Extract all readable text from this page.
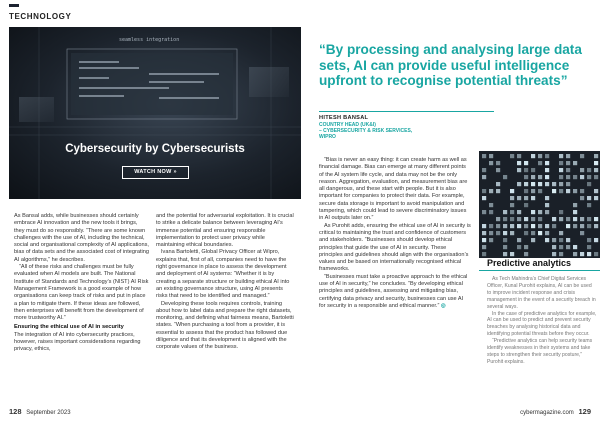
TECHNOLOGY
seamless integration
Cybersecurity by Cybersecurists
WATCH NOW »

As Bansal adds, while businesses should certainly embrace AI innovation and the new tools it brings, they must do so responsibly. “There are some known challenges with the use of AI, including the technical, social and organisational complexity of AI applications, bias of data sets and the associated cost of integrating AI algorithms,” he describes.

“All of these risks and challenges must be fully evaluated when AI models are built. The National Institute of Standards and Technology’s (NIST) AI Risk Management Framework is a good example of how organisations can keep track of risks and put in place a plan to mitigate them. If these ideas are followed, then enterprises will benefit from the development of more trustworthy AI.”

Ensuring the ethical use of AI in security

The integration of AI into cybersecurity practices, however, raises important considerations regarding privacy, ethics,

and the potential for adversarial exploitation. It is crucial to strike a delicate balance between leveraging AI’s immense potential and ensuring responsible implementation to protect user privacy while maintaining ethical boundaries.

Ivana Bartoletti, Global Privacy Officer at Wipro, explains that, first of all, companies need to have the right governance in place to assess the development and deployment of AI systems: “Whether it is by creating a separate structure or building ethical AI into an existing governance structure, using AI presents risks that need to be identified and managed.”

Developing these tools requires controls, training about how to label data and prepare the right datasets, monitoring, and defining what fairness means, Bartoletti states. “When purchasing a tool from a provider, it is essential to assess that the product has followed due diligence and that its development is aligned with the corporate values of the business.

“By processing and analysing large data sets, AI can provide useful intelligence upfront to recognise potential threats”
HITESH BANSAL
COUNTRY HEAD (UK&I)
– CYBERSECURITY & RISK SERVICES,
WIPRO

“Bias is never an easy thing: it can create harm as well as financial damage. Bias can emerge at many different points of the AI system life cycle, and data may not be the only reason. Aggregation, evaluation, and measurement bias are all dangerous, and these start with people. But it is also important for companies to protect their data. For example, secure data storage is important to avoid manipulation and tampering, which could lead to severe discriminatory issues in AI outputs later on.”

As Purohit adds, ensuring the ethical use of AI in security is critical to maintaining the trust and confidence of customers and stakeholders. “Businesses should develop ethical principles that guide the use of AI in security. These principles and guidelines should align with the organisation’s values and be based on internationally recognised ethical frameworks.

“Businesses must take a proactive approach to the ethical use of AI in security,” he concludes. “By developing ethical principles and guidelines, assessing and mitigating bias, certifying data privacy and security, businesses can use AI for security in a responsible and ethical manner.” ◎

Predictive analytics

As Tech Mahindra’s Chief Digital Services Officer, Kunal Purohit explains, AI can be used to improve incident response and crisis management in the event of a security breach in several ways.

In the case of predictive analytics for example, AI can be used to predict and prevent security breaches by analysing historical data and identifying potential threats before they occur.

“Predictive analytics can help security teams identify weaknesses in their systems and take steps to strengthen their security posture,” Purohit explains.

128 September 2023	cybermagazine.com 129
